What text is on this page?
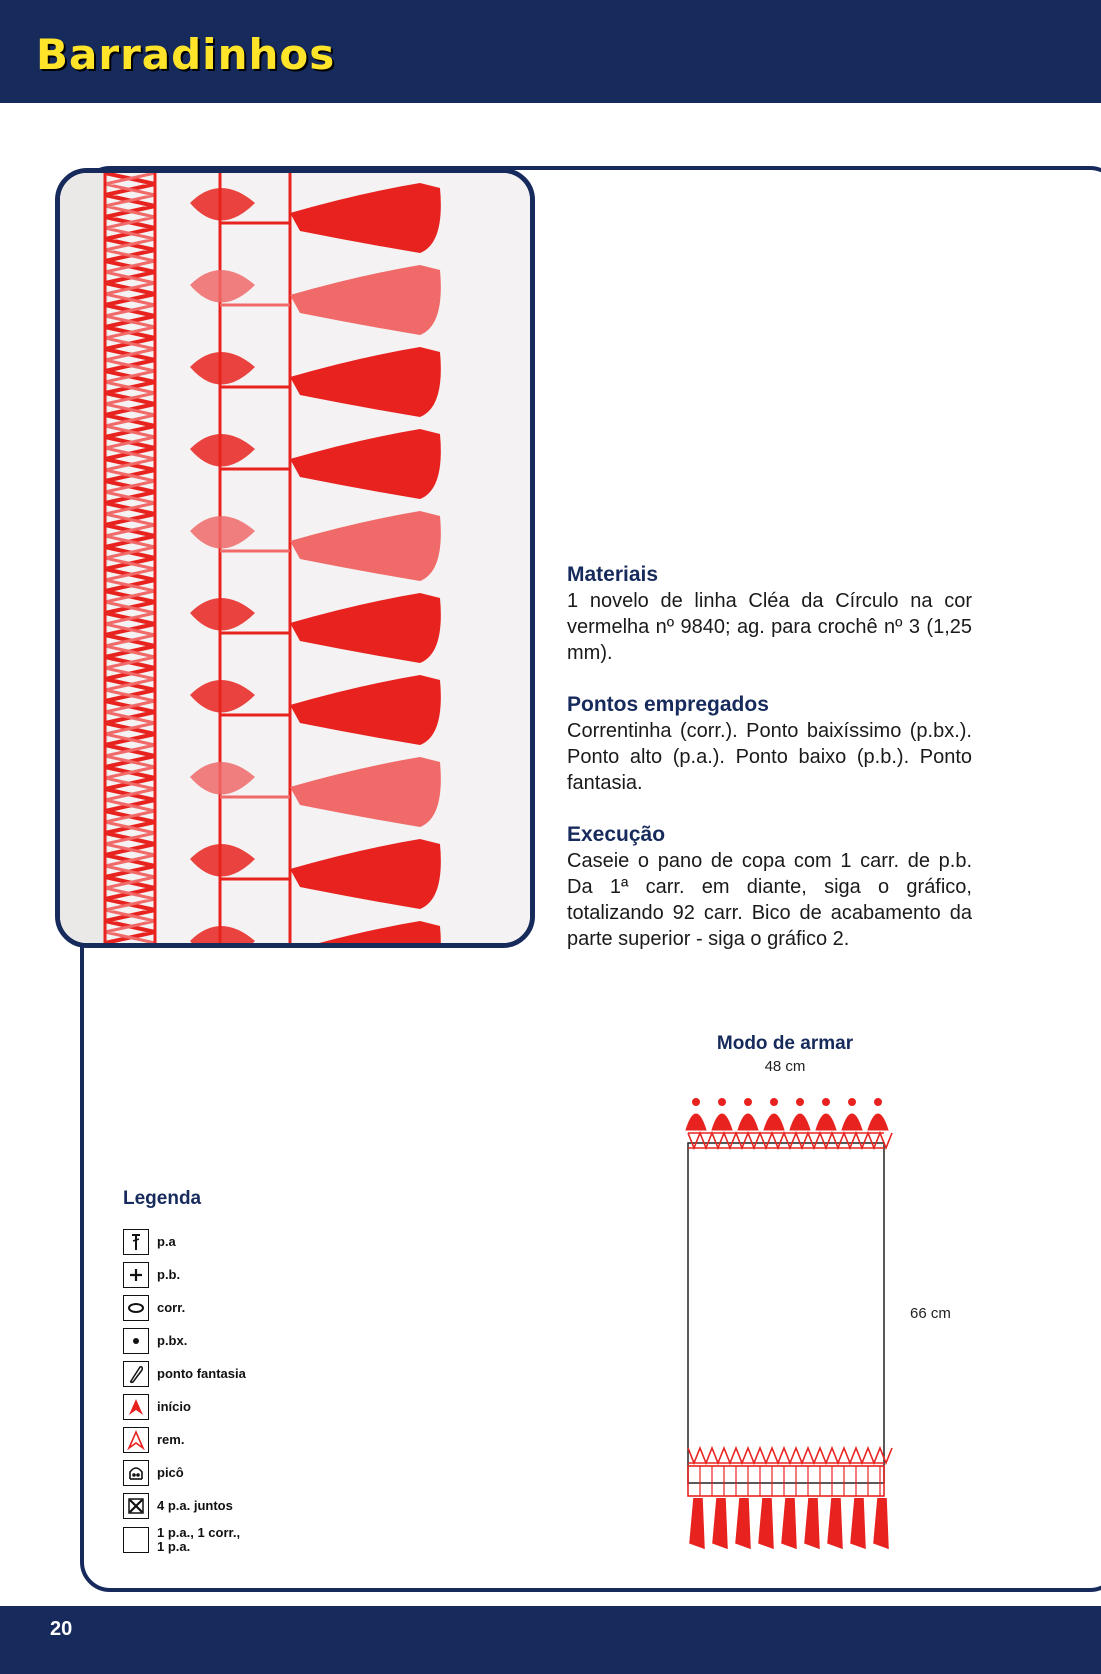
Barradinhos
Materiais

1 novelo de linha Cléa da Círculo na cor vermelha nº 9840; ag. para crochê nº 3 (1,25 mm).

Pontos empregados

Correntinha (corr.). Ponto baixíssimo (p.bx.). Ponto alto (p.a.). Ponto baixo (p.b.). Ponto fantasia.

Execução

Caseie o pano de copa com 1 carr. de p.b. Da 1ª carr. em diante, siga o gráfico, totalizando 92 carr. Bico de acabamento da parte superior - siga o gráfico 2.

Modo de armar
48 cm
66 cm
Legenda
p.a
p.b.
corr.
p.bx.
ponto fantasia
início
rem.
picô
4 p.a. juntos
1 p.a., 1 corr., 1 p.a.

20
